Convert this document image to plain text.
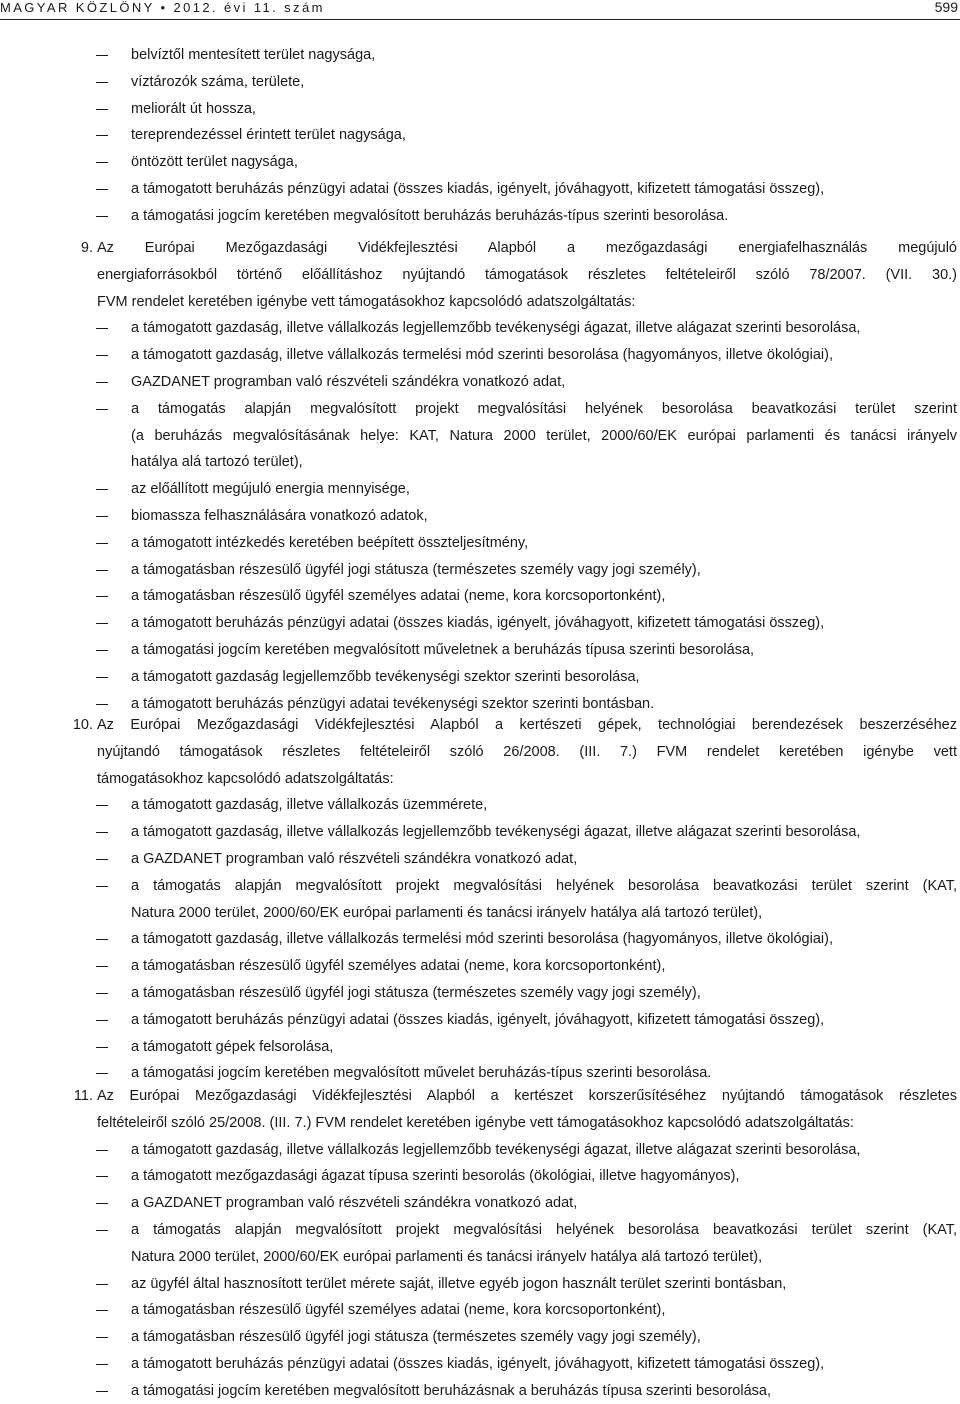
MAGYAR KÖZLÖNY • 2012. évi 11. szám	599
belvíztől mentesített terület nagysága,
víztározók száma, területe,
meliorált út hossza,
tereprendezéssel érintett terület nagysága,
öntözött terület nagysága,
a támogatott beruházás pénzügyi adatai (összes kiadás, igényelt, jóváhagyott, kifizetett támogatási összeg),
a támogatási jogcím keretében megvalósított beruházás beruházás-típus szerinti besorolása.
9. Az Európai Mezőgazdasági Vidékfejlesztési Alapból a mezőgazdasági energiafelhasználás megújuló
energiaforrásokból történő előállításhoz nyújtandó támogatások részletes feltételeiről szóló 78/2007. (VII. 30.)
FVM rendelet keretében igénybe vett támogatásokhoz kapcsolódó adatszolgáltatás:
a támogatott gazdaság, illetve vállalkozás legjellemzőbb tevékenységi ágazat, illetve alágazat szerinti besorolása,
a támogatott gazdaság, illetve vállalkozás termelési mód szerinti besorolása (hagyományos, illetve ökológiai),
GAZDANET programban való részvételi szándékra vonatkozó adat,
a támogatás alapján megvalósított projekt megvalósítási helyének besorolása beavatkozási terület szerint
(a beruházás megvalósításának helye: KAT, Natura 2000 terület, 2000/60/EK európai parlamenti és tanácsi irányelv
hatálya alá tartozó terület),
az előállított megújuló energia mennyisége,
biomassza felhasználására vonatkozó adatok,
a támogatott intézkedés keretében beépített összteljesítmény,
a támogatásban részesülő ügyfél jogi státusza (természetes személy vagy jogi személy),
a támogatásban részesülő ügyfél személyes adatai (neme, kora korcsoportonként),
a támogatott beruházás pénzügyi adatai (összes kiadás, igényelt, jóváhagyott, kifizetett támogatási összeg),
a támogatási jogcím keretében megvalósított műveletnek a beruházás típusa szerinti besorolása,
a támogatott gazdaság legjellemzőbb tevékenységi szektor szerinti besorolása,
a támogatott beruházás pénzügyi adatai tevékenységi szektor szerinti bontásban.
10. Az Európai Mezőgazdasági Vidékfejlesztési Alapból a kertészeti gépek, technológiai berendezések beszerzéséhez
nyújtandó támogatások részletes feltételeiről szóló 26/2008. (III. 7.) FVM rendelet keretében igénybe vett
támogatásokhoz kapcsolódó adatszolgáltatás:
a támogatott gazdaság, illetve vállalkozás üzemmérete,
a támogatott gazdaság, illetve vállalkozás legjellemzőbb tevékenységi ágazat, illetve alágazat szerinti besorolása,
a GAZDANET programban való részvételi szándékra vonatkozó adat,
a támogatás alapján megvalósított projekt megvalósítási helyének besorolása beavatkozási terület szerint (KAT,
Natura 2000 terület, 2000/60/EK európai parlamenti és tanácsi irányelv hatálya alá tartozó terület),
a támogatott gazdaság, illetve vállalkozás termelési mód szerinti besorolása (hagyományos, illetve ökológiai),
a támogatásban részesülő ügyfél személyes adatai (neme, kora korcsoportonként),
a támogatásban részesülő ügyfél jogi státusza (természetes személy vagy jogi személy),
a támogatott beruházás pénzügyi adatai (összes kiadás, igényelt, jóváhagyott, kifizetett támogatási összeg),
a támogatott gépek felsorolása,
a támogatási jogcím keretében megvalósított művelet beruházás-típus szerinti besorolása.
11. Az Európai Mezőgazdasági Vidékfejlesztési Alapból a kertészet korszerűsítéséhez nyújtandó támogatások részletes
feltételeiről szóló 25/2008. (III. 7.) FVM rendelet keretében igénybe vett támogatásokhoz kapcsolódó adatszolgáltatás:
a támogatott gazdaság, illetve vállalkozás legjellemzőbb tevékenységi ágazat, illetve alágazat szerinti besorolása,
a támogatott mezőgazdasági ágazat típusa szerinti besorolás (ökológiai, illetve hagyományos),
a GAZDANET programban való részvételi szándékra vonatkozó adat,
a támogatás alapján megvalósított projekt megvalósítási helyének besorolása beavatkozási terület szerint (KAT,
Natura 2000 terület, 2000/60/EK európai parlamenti és tanácsi irányelv hatálya alá tartozó terület),
az ügyfél által hasznosított terület mérete saját, illetve egyéb jogon használt terület szerinti bontásban,
a támogatásban részesülő ügyfél személyes adatai (neme, kora korcsoportonként),
a támogatásban részesülő ügyfél jogi státusza (természetes személy vagy jogi személy),
a támogatott beruházás pénzügyi adatai (összes kiadás, igényelt, jóváhagyott, kifizetett támogatási összeg),
a támogatási jogcím keretében megvalósított beruházásnak a beruházás típusa szerinti besorolása,
